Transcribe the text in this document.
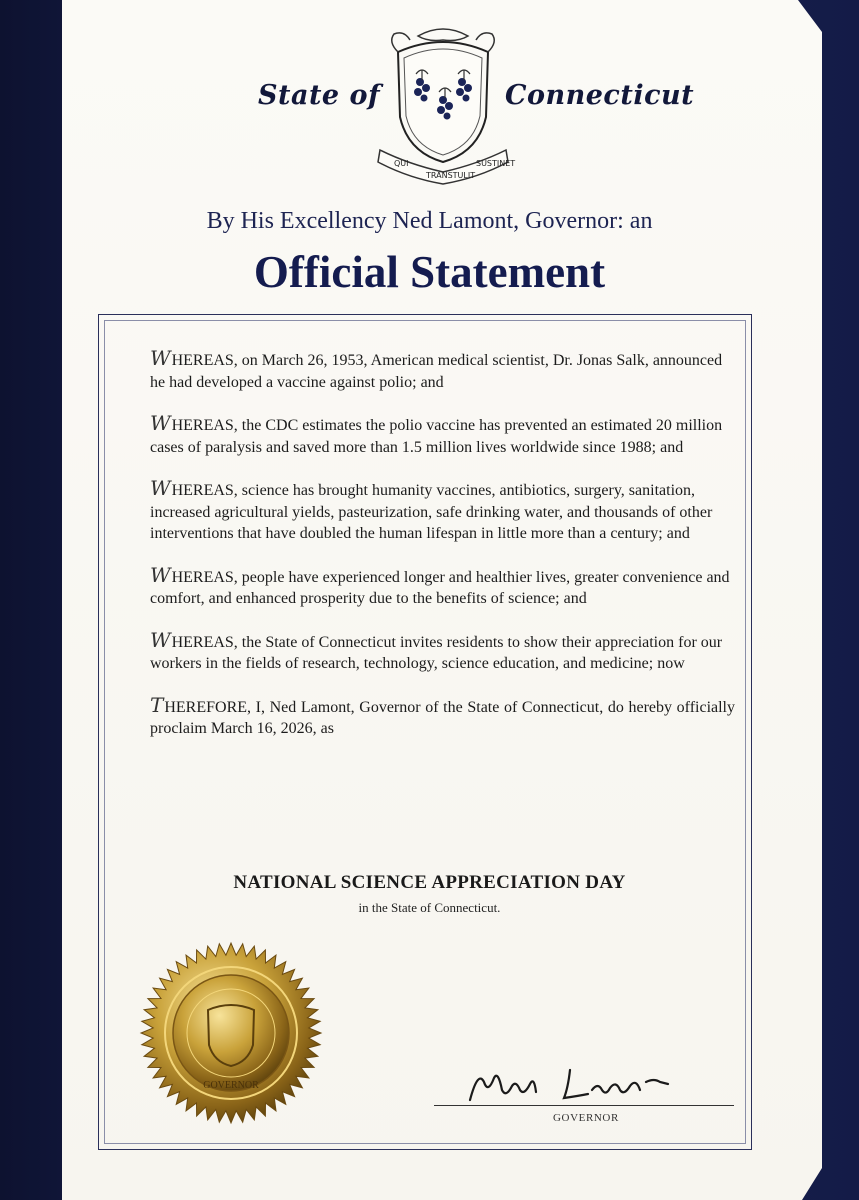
QUI
TRANSTULIT
SUSTINET
State of	Connecticut
By His Excellency Ned Lamont, Governor: an
Official Statement

WHEREAS, on March 26, 1953, American medical scientist, Dr. Jonas Salk, announced he had developed a vaccine against polio; and

WHEREAS, the CDC estimates the polio vaccine has prevented an estimated 20 million cases of paralysis and saved more than 1.5 million lives worldwide since 1988; and

WHEREAS, science has brought humanity vaccines, antibiotics, surgery, sanitation, increased agricultural yields, pasteurization, safe drinking water, and thousands of other interventions that have doubled the human lifespan in little more than a century; and

WHEREAS, people have experienced longer and healthier lives, greater convenience and comfort, and enhanced prosperity due to the benefits of science; and

WHEREAS, the State of Connecticut invites residents to show their appreciation for our workers in the fields of research, technology, science education, and medicine; now

THEREFORE, I, Ned Lamont, Governor of the State of Connecticut, do hereby officially proclaim March 16, 2026, as

NATIONAL SCIENCE APPRECIATION DAY
in the State of Connecticut.
GOVERNOR
GOVERNOR
